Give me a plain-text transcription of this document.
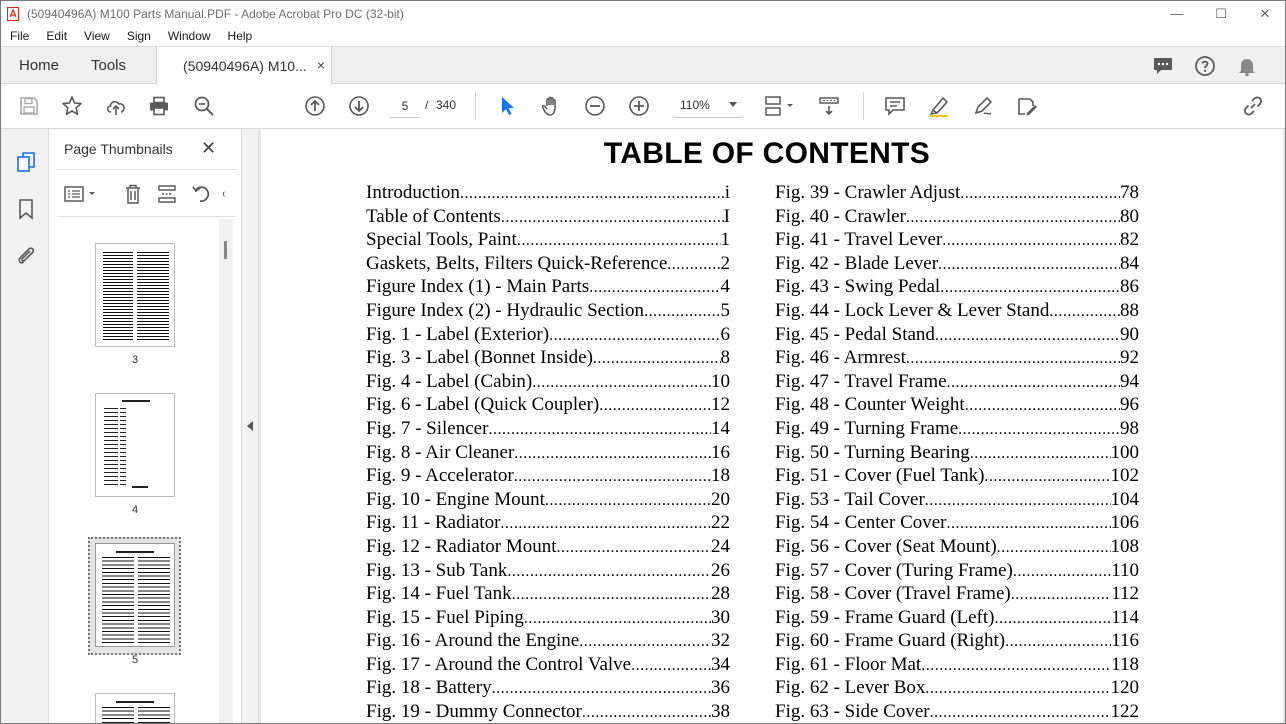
(50940496A) M100 Parts Manual.PDF - Adobe Acrobat Pro DC (32-bit)	—	☐	✕
File	Edit	View	Sign	Window	Help
Home Tools	(50940496A) M10... ×
5
/ 340	110%
Page Thumbnails ✕
3
4
5
TABLE OF CONTENTS
Introduction .....	i
Table of Contents .....	I
Special Tools, Paint .....	1
Gaskets, Belts, Filters Quick-Reference .....	2
Figure Index (1) - Main Parts .....	4
Figure Index (2) - Hydraulic Section .....	5
Fig. 1 - Label (Exterior) .....	6
Fig. 3 - Label (Bonnet Inside) .....	8
Fig. 4 - Label (Cabin) .....	10
Fig. 6 - Label (Quick Coupler) .....	12
Fig. 7 - Silencer .....	14
Fig. 8 - Air Cleaner .....	16
Fig. 9 - Accelerator .....	18
Fig. 10 - Engine Mount .....	20
Fig. 11 - Radiator .....	22
Fig. 12 - Radiator Mount .....	24
Fig. 13 - Sub Tank .....	26
Fig. 14 - Fuel Tank .....	28
Fig. 15 - Fuel Piping .....	30
Fig. 16 - Around the Engine .....	32
Fig. 17 - Around the Control Valve .....	34
Fig. 18 - Battery .....	36
Fig. 19 - Dummy Connector .....	38
Fig. 39 - Crawler Adjust .....	78
Fig. 40 - Crawler .....	80
Fig. 41 - Travel Lever .....	82
Fig. 42 - Blade Lever .....	84
Fig. 43 - Swing Pedal .....	86
Fig. 44 - Lock Lever & Lever Stand .....	88
Fig. 45 - Pedal Stand .....	90
Fig. 46 - Armrest .....	92
Fig. 47 - Travel Frame .....	94
Fig. 48 - Counter Weight .....	96
Fig. 49 - Turning Frame .....	98
Fig. 50 - Turning Bearing .....	100
Fig. 51 - Cover (Fuel Tank) .....	102
Fig. 53 - Tail Cover .....	104
Fig. 54 - Center Cover .....	106
Fig. 56 - Cover (Seat Mount) .....	108
Fig. 57 - Cover (Turing Frame) .....	110
Fig. 58 - Cover (Travel Frame) .....	112
Fig. 59 - Frame Guard (Left) .....	114
Fig. 60 - Frame Guard (Right) .....	116
Fig. 61 - Floor Mat .....	118
Fig. 62 - Lever Box .....	120
Fig. 63 - Side Cover .....	122
